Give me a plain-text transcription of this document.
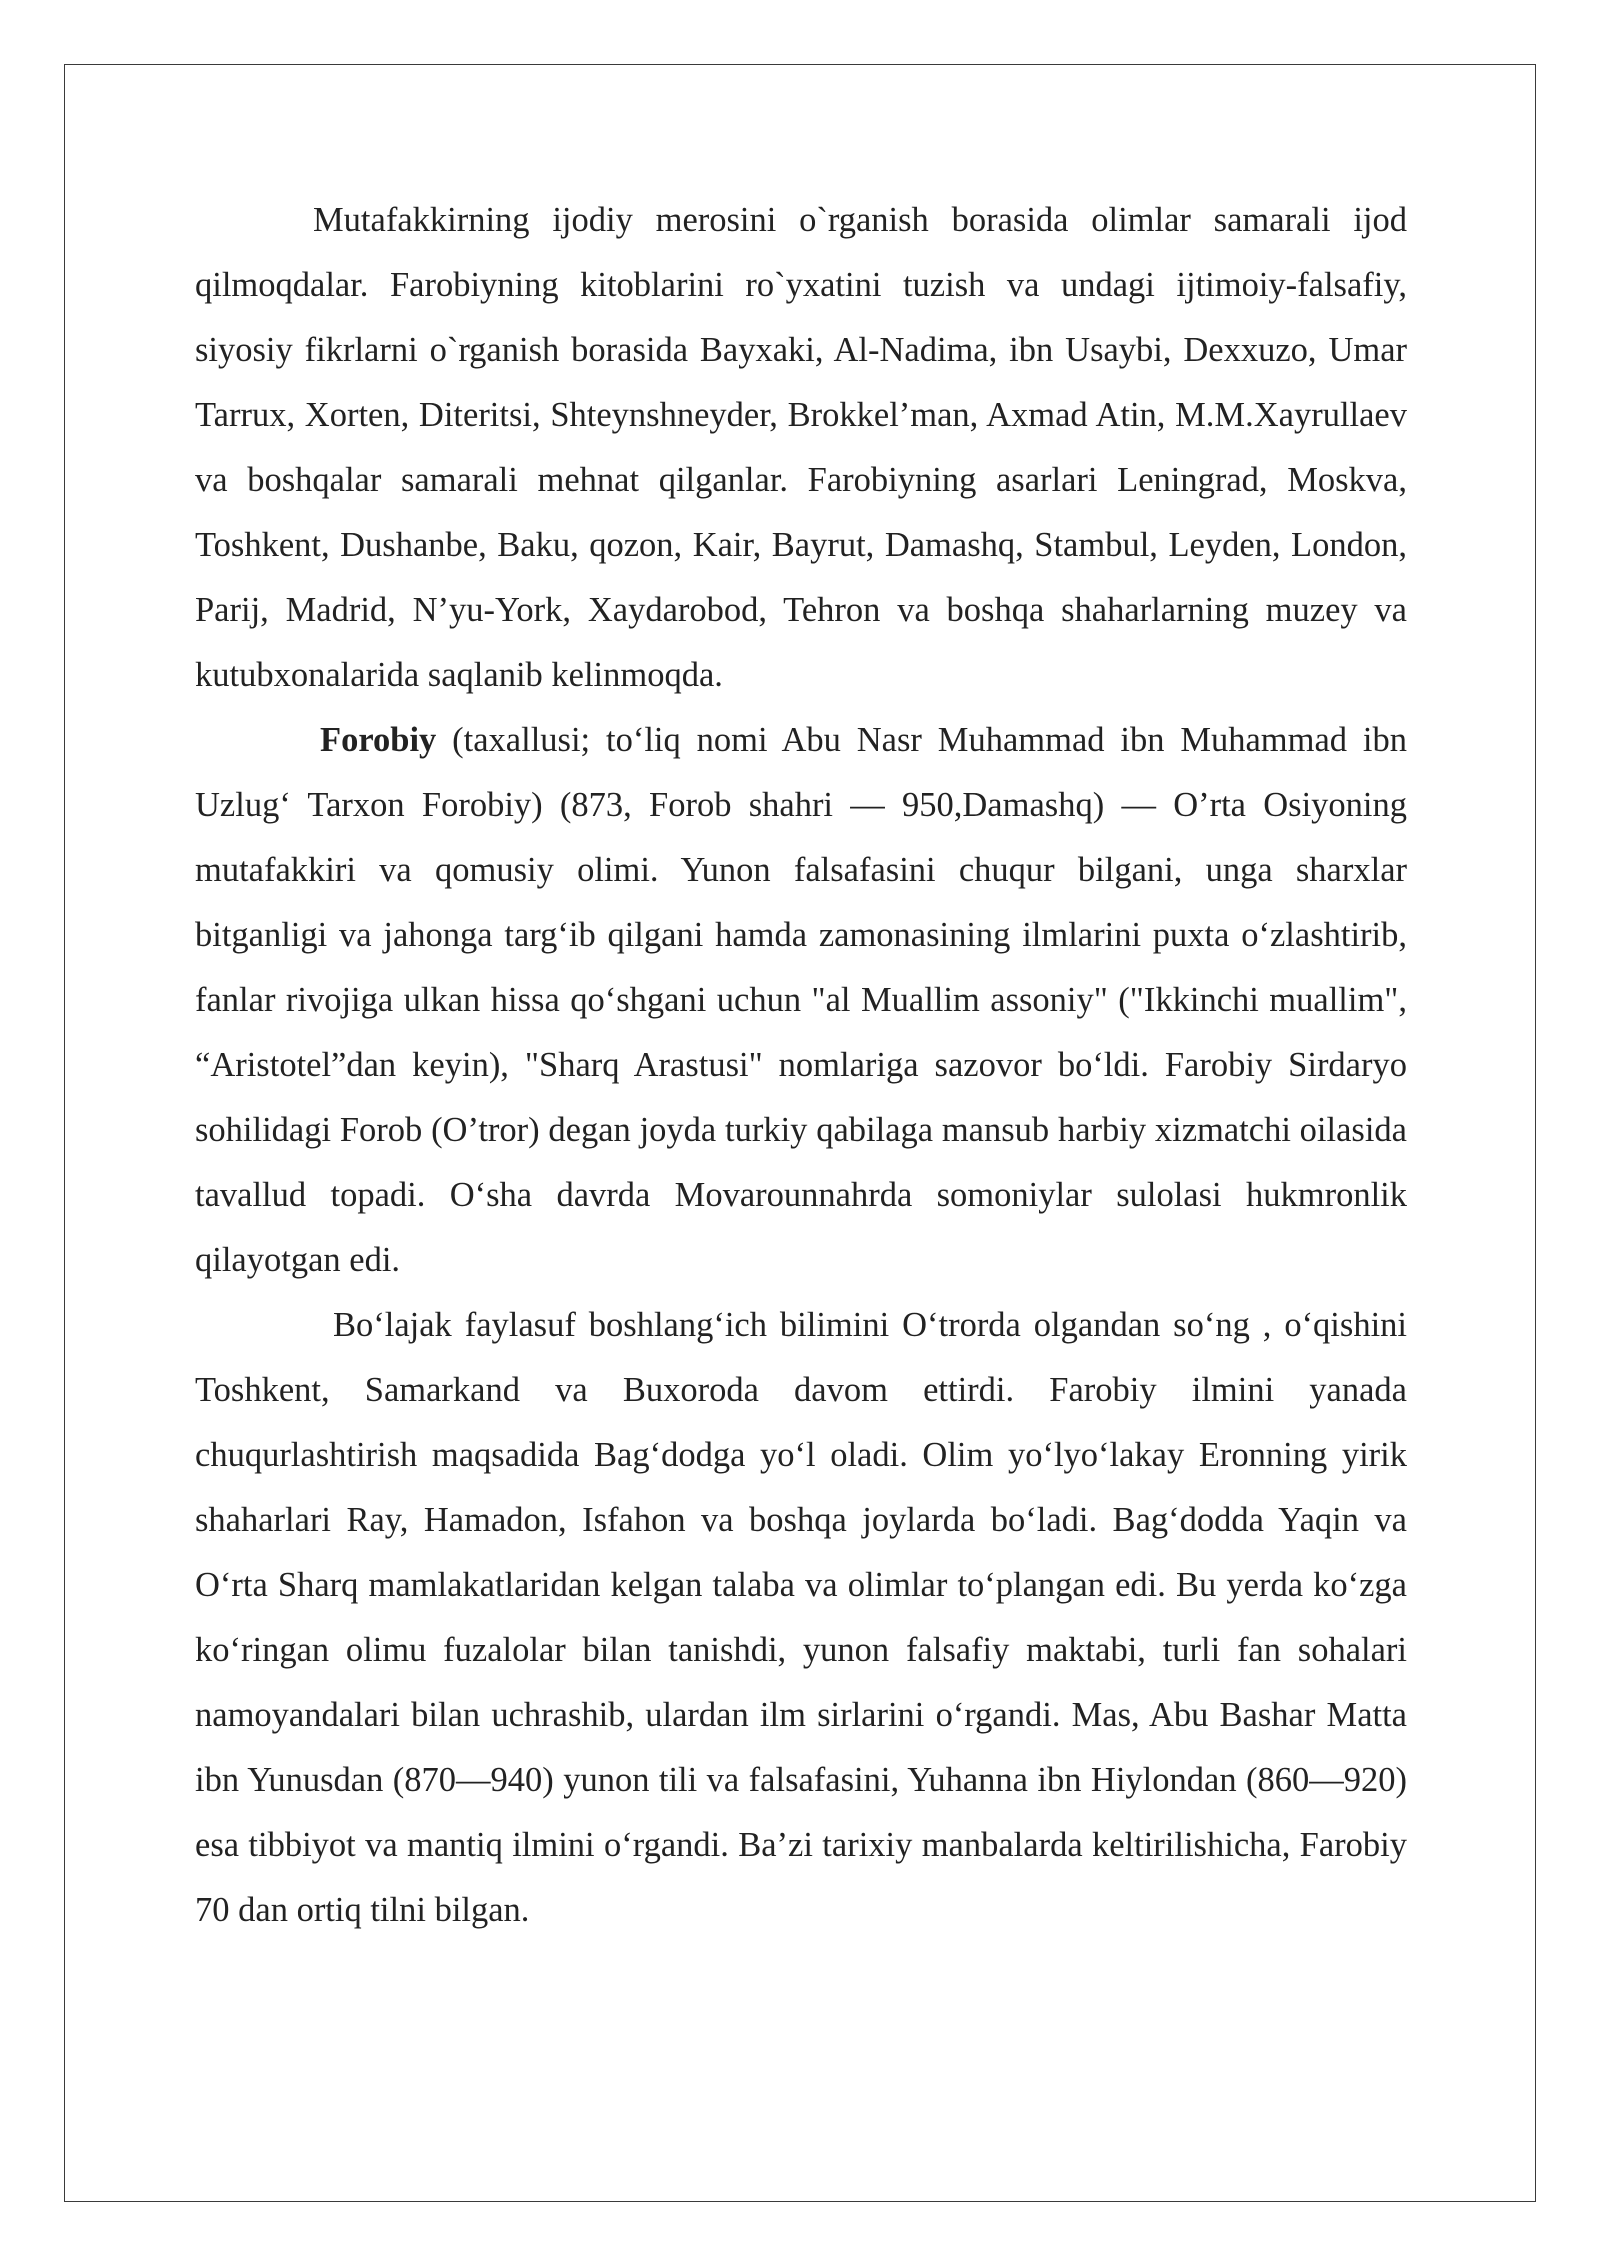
Mutafakkirning ijodiy merosini o`rganish borasida olimlar samarali ijod qilmoqdalar. Farobiyning kitoblarini ro`yxatini tuzish va undagi ijtimoiy-falsafiy, siyosiy fikrlarni o`rganish borasida Bayxaki, Al-Nadima, ibn Usaybi, Dexxuzo, Umar Tarrux, Xorten, Diteritsi, Shteynshneyder, Brokkel’man, Axmad Atin, M.M.Xayrullaev va boshqalar samarali mehnat qilganlar. Farobiyning asarlari Leningrad, Moskva, Toshkent, Dushanbe, Baku, qozon, Kair, Bayrut, Damashq, Stambul, Leyden, London, Parij, Madrid, N’yu-York, Xaydarobod, Tehron va boshqa shaharlarning muzey va kutubxonalarida saqlanib kelinmoqda.

Forobiy (taxallusi; to‘liq nomi Abu Nasr Muhammad ibn Muhammad ibn Uzlug‘ Tarxon Forobiy) (873, Forob shahri — 950,Damashq) — O’rta Osiyoning mutafakkiri va qomusiy olimi. Yunon falsafasini chuqur bilgani, unga sharxlar bitganligi va jahonga targ‘ib qilgani hamda zamonasining ilmlarini puxta o‘zlashtirib, fanlar rivojiga ulkan hissa qo‘shgani uchun "al Muallim assoniy" ("Ikkinchi muallim", “Aristotel”dan keyin), "Sharq Arastusi" nomlariga sazovor bo‘ldi. Farobiy Sirdaryo sohilidagi Forob (O’tror) degan joyda turkiy qabilaga mansub harbiy xizmatchi oilasida tavallud topadi. O‘sha davrda Movarounnahrda somoniylar sulolasi hukmronlik qilayotgan edi.

Bo‘lajak faylasuf boshlang‘ich bilimini O‘trorda olgandan so‘ng , o‘qishini Toshkent, Samarkand va Buxoroda davom ettirdi. Farobiy ilmini yanada chuqurlashtirish maqsadida Bag‘dodga yo‘l oladi. Olim yo‘lyo‘lakay Eronning yirik shaharlari Ray, Hamadon, Isfahon va boshqa joylarda bo‘ladi. Bag‘dodda Yaqin va O‘rta Sharq mamlakatlaridan kelgan talaba va olimlar to‘plangan edi. Bu yerda ko‘zga ko‘ringan olimu fuzalolar bilan tanishdi, yunon falsafiy maktabi, turli fan sohalari namoyandalari bilan uchrashib, ulardan ilm sirlarini o‘rgandi. Mas, Abu Bashar Matta ibn Yunusdan (870—940) yunon tili va falsafasini, Yuhanna ibn Hiylondan (860—920) esa tibbiyot va mantiq ilmini o‘rgandi. Ba’zi tarixiy manbalarda keltirilishicha, Farobiy 70 dan ortiq tilni bilgan.
